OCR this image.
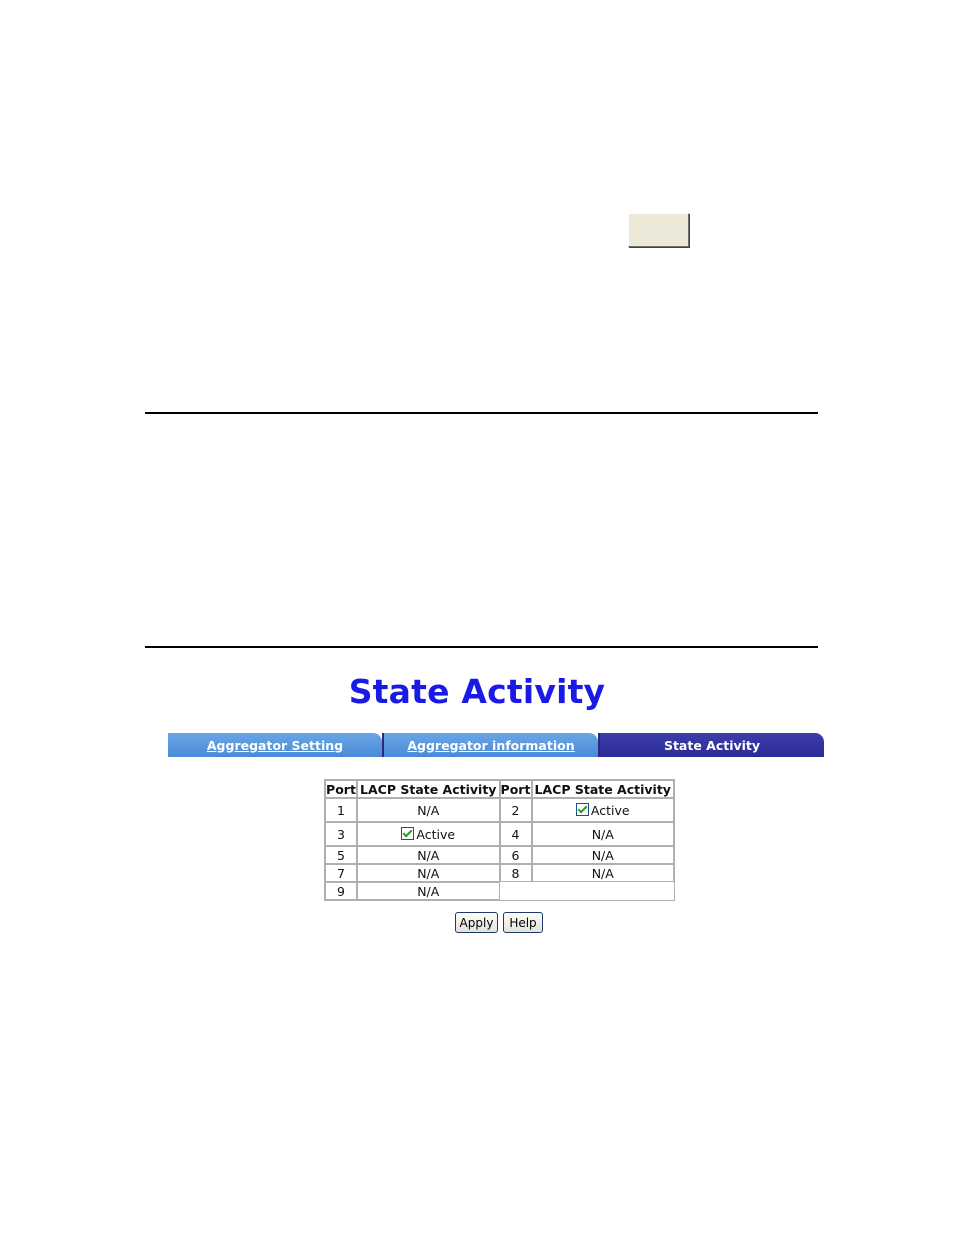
State Activity
Aggregator Setting	Aggregator information	State Activity
Port	LACP State Activity	Port	LACP State Activity
1	N/A	2	Active
3	Active	4	N/A
5	N/A	6	N/A
7	N/A	8	N/A
9	N/A		
Apply	Help
